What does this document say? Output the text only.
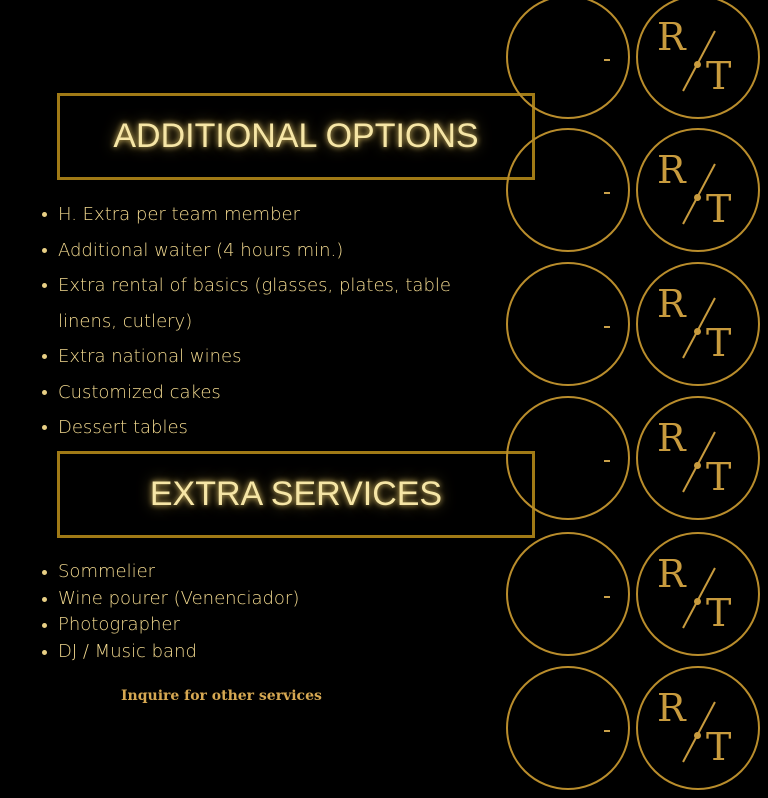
ADDITIONAL OPTIONS
H. Extra per team member
Additional waiter (4 hours min.)
Extra rental of basics (glasses, plates, table
linens, cutlery)
Extra national wines
Customized cakes
Dessert tables
EXTRA SERVICES
Sommelier
Wine pourer (Venenciador)
Photographer
DJ / Music band
Inquire for other services
R
T
R
T
R
T
R
T
R
T
R
T
